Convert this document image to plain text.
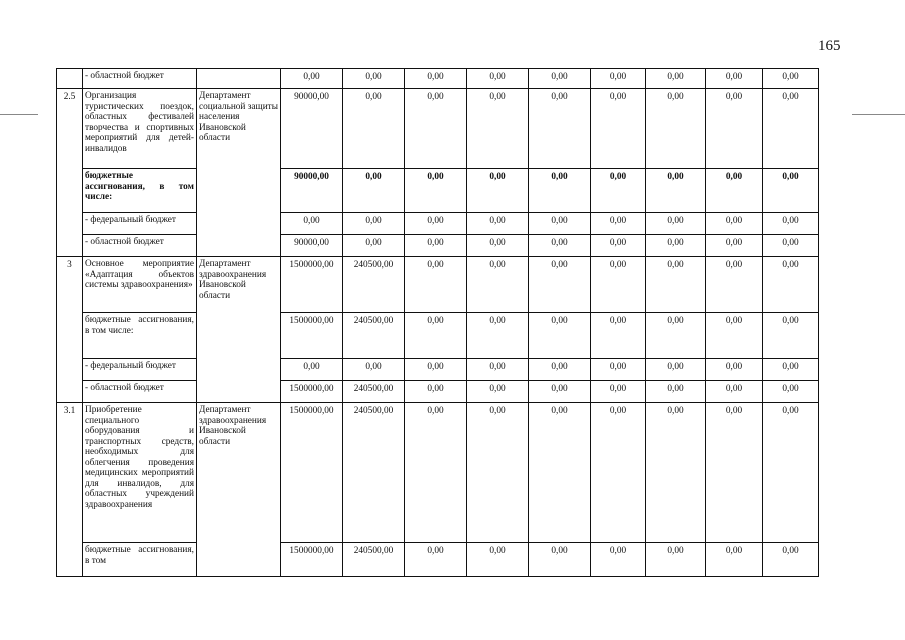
165
	- областной бюджет		0,00	0,00	0,00	0,00	0,00	0,00	0,00	0,00	0,00
2.5	Организация туристических поездок, областных фестивалей творчества и спортивных мероприятий для детей-инвалидов	Департамент социальной защиты населения Ивановской области	90000,00	0,00	0,00	0,00	0,00	0,00	0,00	0,00	0,00
	бюджетные ассигнования, в том числе:		90000,00	0,00	0,00	0,00	0,00	0,00	0,00	0,00	0,00
	- федеральный бюджет		0,00	0,00	0,00	0,00	0,00	0,00	0,00	0,00	0,00
	- областной бюджет		90000,00	0,00	0,00	0,00	0,00	0,00	0,00	0,00	0,00
3	Основное мероприятие «Адаптация объектов системы здравоохранения»	Департамент здравоохранения Ивановской области	1500000,00	240500,00	0,00	0,00	0,00	0,00	0,00	0,00	0,00
	бюджетные ассигнования, в том числе:		1500000,00	240500,00	0,00	0,00	0,00	0,00	0,00	0,00	0,00
	- федеральный бюджет		0,00	0,00	0,00	0,00	0,00	0,00	0,00	0,00	0,00
	- областной бюджет		1500000,00	240500,00	0,00	0,00	0,00	0,00	0,00	0,00	0,00
3.1	Приобретение специального оборудования и транспортных средств, необходимых для облегчения проведения медицинских мероприятий для инвалидов, для областных учреждений здравоохранения	Департамент здравоохранения Ивановской области	1500000,00	240500,00	0,00	0,00	0,00	0,00	0,00	0,00	0,00
	бюджетные ассигнования, в том		1500000,00	240500,00	0,00	0,00	0,00	0,00	0,00	0,00	0,00
